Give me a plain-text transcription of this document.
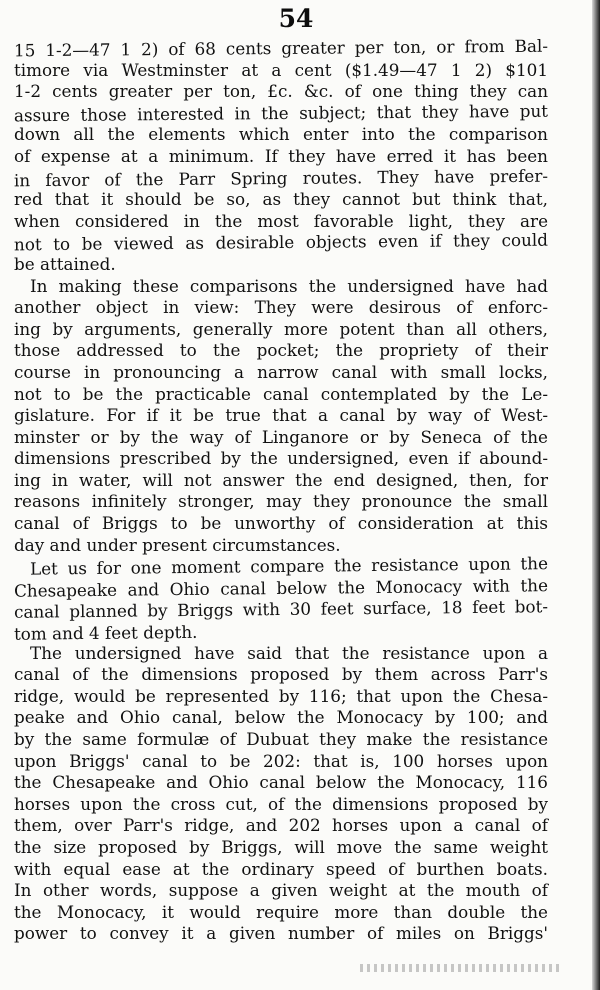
54
15 1-2—47 1 2) of 68 cents greater per ton, or from Bal-
timore via Westminster at a cent ($1.49—47 1 2) $101
1-2 cents greater per ton, £c. &c. of one thing they can
assure those interested in the subject; that they have put
down all the elements which enter into the comparison
of expense at a minimum. If they have erred it has been
in favor of the Parr Spring routes. They have prefer-
red that it should be so, as they cannot but think that,
when considered in the most favorable light, they are
not to be viewed as desirable objects even if they could
be attained.
In making these comparisons the undersigned have had
another object in view: They were desirous of enforc-
ing by arguments, generally more potent than all others,
those addressed to the pocket; the propriety of their
course in pronouncing a narrow canal with small locks,
not to be the practicable canal contemplated by the Le-
gislature. For if it be true that a canal by way of West-
minster or by the way of Linganore or by Seneca of the
dimensions prescribed by the undersigned, even if abound-
ing in water, will not answer the end designed, then, for
reasons infinitely stronger, may they pronounce the small
canal of Briggs to be unworthy of consideration at this
day and under present circumstances.
Let us for one moment compare the resistance upon the
Chesapeake and Ohio canal below the Monocacy with the
canal planned by Briggs with 30 feet surface, 18 feet bot-
tom and 4 feet depth.
The undersigned have said that the resistance upon a
canal of the dimensions proposed by them across Parr's
ridge, would be represented by 116; that upon the Chesa-
peake and Ohio canal, below the Monocacy by 100; and
by the same formulæ of Dubuat they make the resistance
upon Briggs' canal to be 202: that is, 100 horses upon
the Chesapeake and Ohio canal below the Monocacy, 116
horses upon the cross cut, of the dimensions proposed by
them, over Parr's ridge, and 202 horses upon a canal of
the size proposed by Briggs, will move the same weight
with equal ease at the ordinary speed of burthen boats.
In other words, suppose a given weight at the mouth of
the Monocacy, it would require more than double the
power to convey it a given number of miles on Briggs'
